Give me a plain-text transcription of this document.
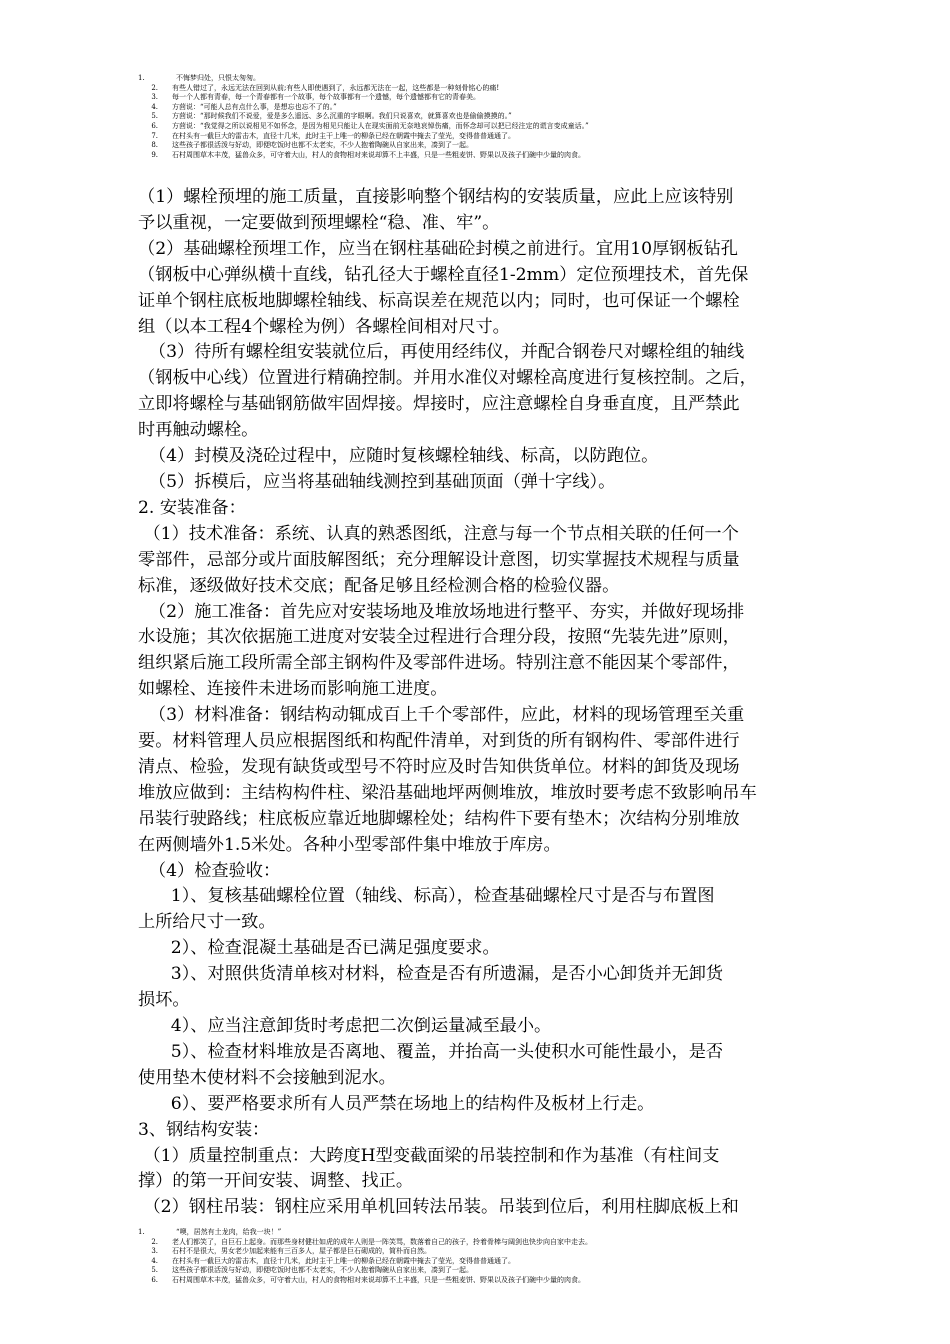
1.	不悔梦归处，只恨太匆匆。
2.	有些人错过了，永远无法在回到从前;有些人即使遇到了，永远都无法在一起，这些都是一种刻骨铭心的痛!
3.	每一个人都有青春，每一个青春都有一个故事，每个故事都有一个遗憾，每个遗憾都有它的青春美。
4.	方茴说：“可能人总有点什么事，是想忘也忘不了的。”
5.	方茴说：“那时候我们不说爱，爱是多么遥远、多么沉重的字眼啊。我们只说喜欢，就算喜欢也是偷偷摸摸的。”
6.	方茴说：“我觉得之所以说相见不如怀念，是因为相见只能让人在现实面前无奈地哀悼伤痛，而怀念却可以把已经注定的谎言变成童话。”
7.	在村头有一截巨大的雷击木，直径十几米，此时主干上唯一的柳条已经在朝霞中掩去了莹光，变得普普通通了。
8.	这些孩子都很活泼与好动，即便吃饭时也都不太老实，不少人抱着陶碗从自家出来，凑到了一起。
9.	石村周围草木丰茂，猛兽众多，可守着大山，村人的食物相对来说却算不上丰盛，只是一些粗麦饼、野果以及孩子们碗中少量的肉食。

（1）螺栓预埋的施工质量，直接影响整个钢结构的安装质量，应此上应该特别

予以重视，一定要做到预埋螺栓“稳、准、牢”。

（2）基础螺栓预埋工作，应当在钢柱基础砼封模之前进行。宜用10厚钢板钻孔

（钢板中心弹纵横十直线，钻孔径大于螺栓直径1-2mm）定位预埋技术，首先保

证单个钢柱底板地脚螺栓轴线、标高误差在规范以内；同时，也可保证一个螺栓

组（以本工程4个螺栓为例）各螺栓间相对尺寸。

（3）待所有螺栓组安装就位后，再使用经纬仪，并配合钢卷尺对螺栓组的轴线

（钢板中心线）位置进行精确控制。并用水准仪对螺栓高度进行复核控制。之后，

立即将螺栓与基础钢筋做牢固焊接。焊接时，应注意螺栓自身垂直度，且严禁此

时再触动螺栓。

（4）封模及浇砼过程中，应随时复核螺栓轴线、标高，以防跑位。

（5）拆模后，应当将基础轴线测控到基础顶面（弹十字线）。

2. 安装准备：

（1）技术准备：系统、认真的熟悉图纸，注意与每一个节点相关联的任何一个

零部件，忌部分或片面肢解图纸；充分理解设计意图，切实掌握技术规程与质量

标准，逐级做好技术交底；配备足够且经检测合格的检验仪器。

（2）施工准备：首先应对安装场地及堆放场地进行整平、夯实，并做好现场排

水设施；其次依据施工进度对安装全过程进行合理分段，按照“先装先进”原则，

组织紧后施工段所需全部主钢构件及零部件进场。特别注意不能因某个零部件，

如螺栓、连接件未进场而影响施工进度。

（3）材料准备：钢结构动辄成百上千个零部件，应此，材料的现场管理至关重

要。材料管理人员应根据图纸和构配件清单，对到货的所有钢构件、零部件进行

清点、检验，发现有缺货或型号不符时应及时告知供货单位。材料的卸货及现场

堆放应做到：主结构构件柱、梁沿基础地坪两侧堆放，堆放时要考虑不致影响吊车

吊装行驶路线；柱底板应靠近地脚螺栓处；结构件下要有垫木；次结构分别堆放

在两侧墙外1.5米处。各种小型零部件集中堆放于库房。

（4）检查验收：

1）、复核基础螺栓位置（轴线、标高），检查基础螺栓尺寸是否与布置图

上所给尺寸一致。

2）、检查混凝土基础是否已满足强度要求。

3）、对照供货清单核对材料，检查是否有所遗漏，是否小心卸货并无卸货

损坏。

4）、应当注意卸货时考虑把二次倒运量减至最小。

5）、检查材料堆放是否离地、覆盖，并抬高一头使积水可能性最小，是否

使用垫木使材料不会接触到泥水。

6）、要严格要求所有人员严禁在场地上的结构件及板材上行走。

3、钢结构安装：

（1）质量控制重点：大跨度H型变截面梁的吊装控制和作为基准（有柱间支

撑）的第一开间安装、调整、找正。

（2）钢柱吊装：钢柱应采用单机回转法吊装。吊装到位后，利用柱脚底板上和

1.	“噢，居然有土龙肉，给我一块！”
2.	老人们都笑了，自巨石上起身。而那些身材健壮如虎的成年人则是一阵笑骂，数落着自己的孩子，拎着骨棒与阔剑也快步向自家中走去。
3.	石村不是很大，男女老少加起来能有三百多人，屋子都是巨石砌成的，简朴而自然。
4.	在村头有一截巨大的雷击木，直径十几米，此时主干上唯一的柳条已经在朝霞中掩去了莹光，变得普普通通了。
5.	这些孩子都很活泼与好动，即便吃饭时也都不太老实，不少人抱着陶碗从自家出来，凑到了一起。
6.	石村周围草木丰茂，猛兽众多，可守着大山，村人的食物相对来说却算不上丰盛，只是一些粗麦饼、野果以及孩子们碗中少量的肉食。
